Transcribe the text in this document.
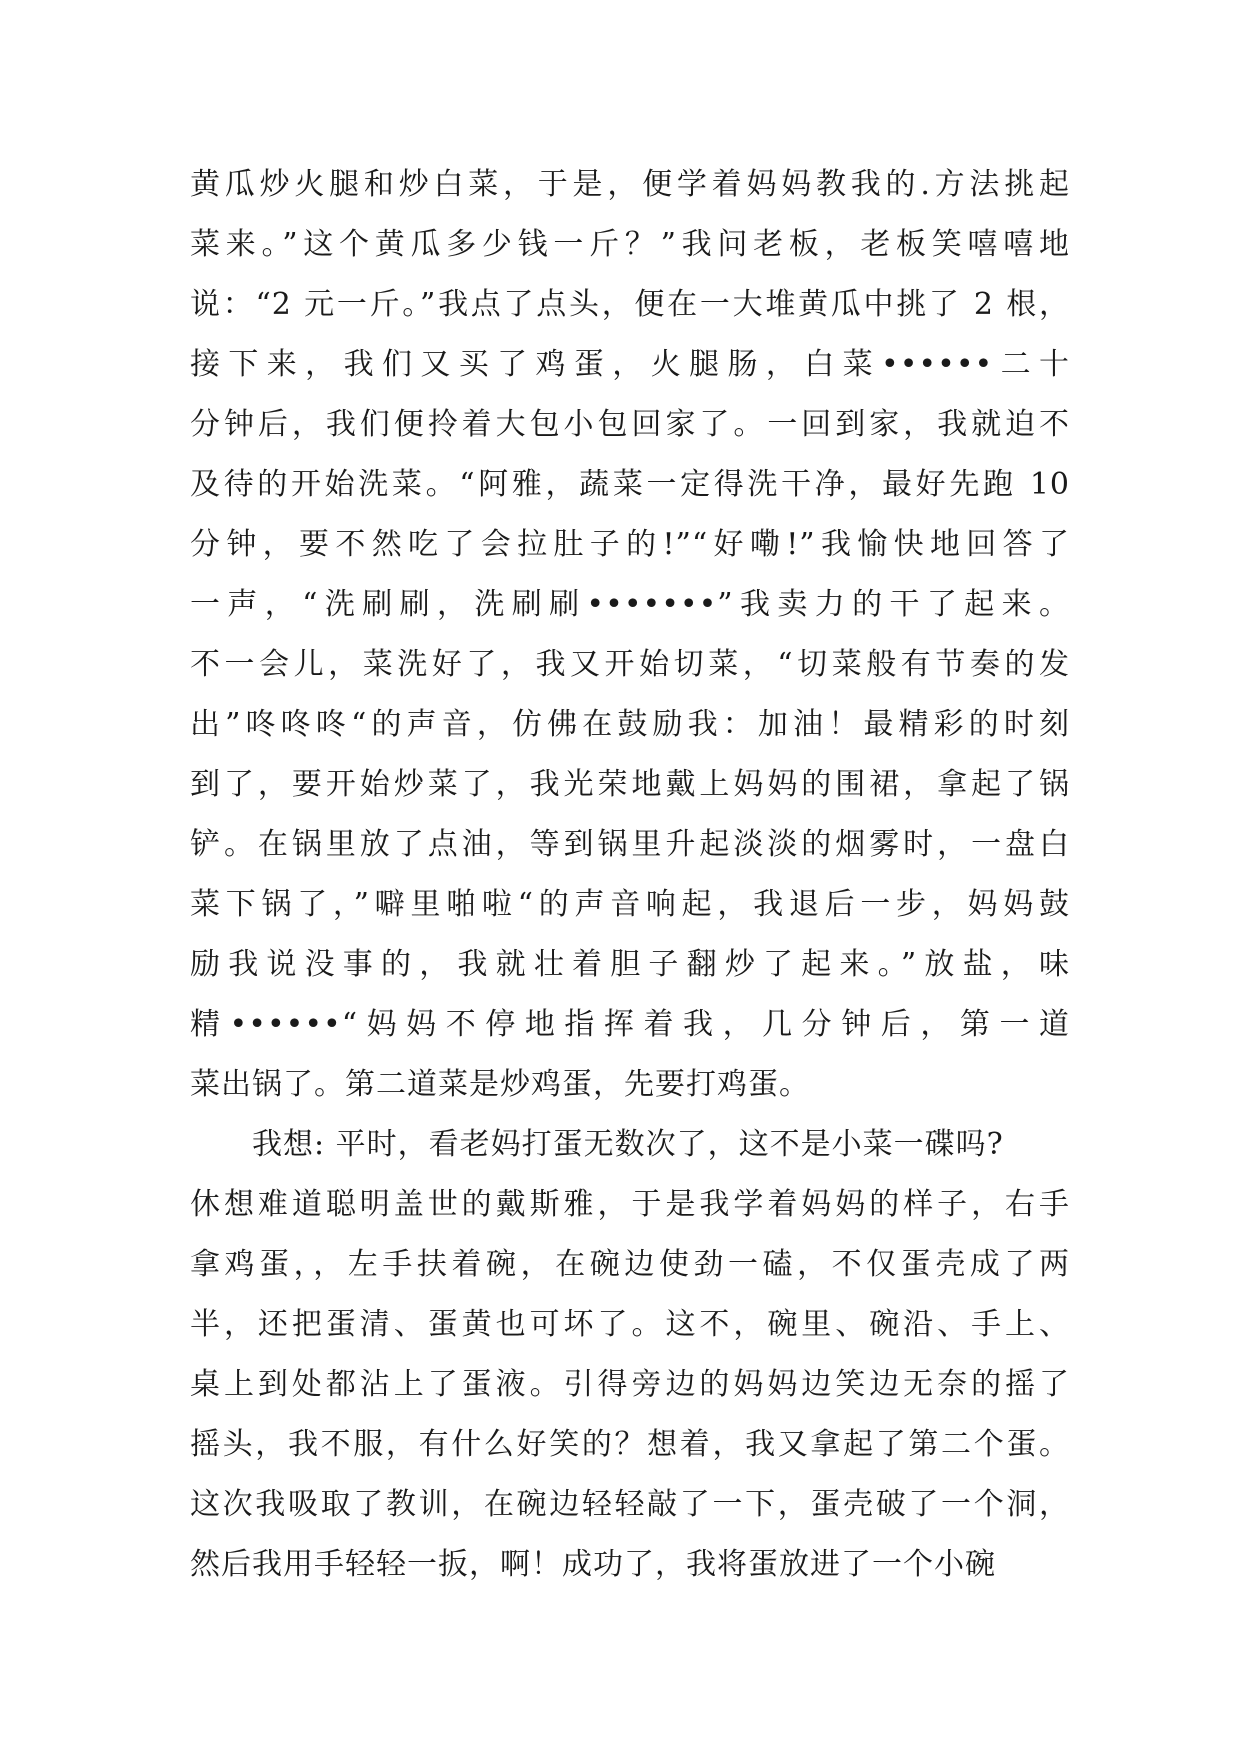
黄瓜炒火腿和炒白菜，于是，便学着妈妈教我的.方法挑起
菜来。”这个黄瓜多少钱一斤？”我问老板，老板笑嘻嘻地
说：“2 元一斤。”我点了点头，便在一大堆黄瓜中挑了 2 根，
接下来，我们又买了鸡蛋，火腿肠，白菜••••••二十
分钟后，我们便拎着大包小包回家了。一回到家，我就迫不
及待的开始洗菜。“阿雅，蔬菜一定得洗干净，最好先跑 10
分钟，要不然吃了会拉肚子的!”“好嘞!”我愉快地回答了
一声，“洗刷刷，洗刷刷•••••••”我卖力的干了起来。
不一会儿，菜洗好了，我又开始切菜，“切菜般有节奏的发
出”咚咚咚“的声音，仿佛在鼓励我：加油！最精彩的时刻
到了，要开始炒菜了，我光荣地戴上妈妈的围裙，拿起了锅
铲。在锅里放了点油，等到锅里升起淡淡的烟雾时，一盘白
菜下锅了，”噼里啪啦“的声音响起，我退后一步，妈妈鼓
励我说没事的，我就壮着胆子翻炒了起来。”放盐，味
精••••••“妈妈不停地指挥着我，几分钟后，第一道
菜出锅了。第二道菜是炒鸡蛋，先要打鸡蛋。
我想: 平时，看老妈打蛋无数次了，这不是小菜一碟吗?
休想难道聪明盖世的戴斯雅，于是我学着妈妈的样子，右手
拿鸡蛋，，左手扶着碗，在碗边使劲一磕，不仅蛋壳成了两
半，还把蛋清、蛋黄也可坏了。这不，碗里、碗沿、手上、
桌上到处都沾上了蛋液。引得旁边的妈妈边笑边无奈的摇了
摇头，我不服，有什么好笑的？想着，我又拿起了第二个蛋。
这次我吸取了教训，在碗边轻轻敲了一下，蛋壳破了一个洞，
然后我用手轻轻一扳，啊！成功了，我将蛋放进了一个小碗
